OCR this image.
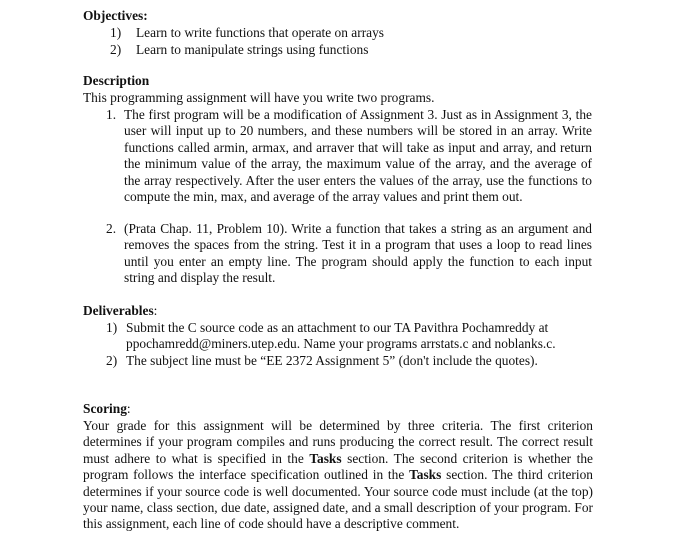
Objectives:
1)	Learn to write functions that operate on arrays
2)	Learn to manipulate strings using functions
Description
This programming assignment will have you write two programs.
1. The first program will be a modification of Assignment 3. Just as in Assignment 3, the user will input up to 20 numbers, and these numbers will be stored in an array. Write functions called armin, armax, and arraver that will take as input and array, and return the minimum value of the array, the maximum value of the array, and the average of the array respectively. After the user enters the values of the array, use the functions to compute the min, max, and average of the array values and print them out.
2. (Prata Chap. 11, Problem 10). Write a function that takes a string as an argument and removes the spaces from the string. Test it in a program that uses a loop to read lines until you enter an empty line. The program should apply the function to each input string and display the result.
Deliverables:
1) Submit the C source code as an attachment to our TA Pavithra Pochamreddy at ppochamredd@miners.utep.edu. Name your programs arrstats.c and noblanks.c.
2) The subject line must be “EE 2372 Assignment 5” (don't include the quotes).
Scoring:
Your grade for this assignment will be determined by three criteria. The first criterion determines if your program compiles and runs producing the correct result. The correct result must adhere to what is specified in the Tasks section. The second criterion is whether the program follows the interface specification outlined in the Tasks section. The third criterion determines if your source code is well documented. Your source code must include (at the top) your name, class section, due date, assigned date, and a small description of your program. For this assignment, each line of code should have a descriptive comment.
